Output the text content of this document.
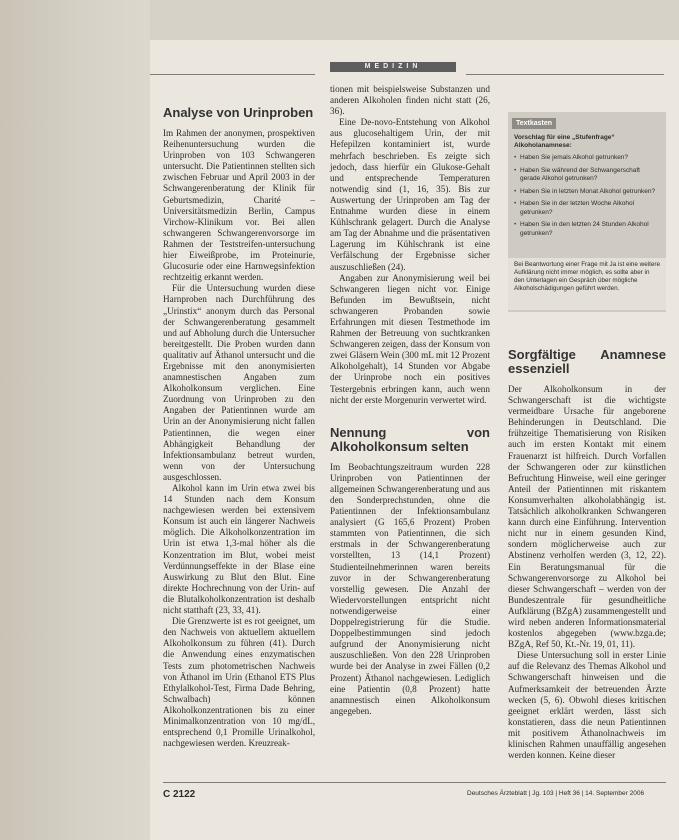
MEDIZIN
Analyse von Urinproben

Im Rahmen der anonymen, prospektiven Reihenuntersuchung wurden die Urinproben von 103 Schwangeren untersucht. Die Patientinnen stellten sich zwischen Februar und April 2003 in der Schwangerenberatung der Klinik für Geburtsmedizin, Charité – Universitätsmedizin Berlin, Campus Virchow-Klinikum vor. Bei allen schwangeren Schwangerenvorsorge im Rahmen der Teststreifen-untersuchung hier Eiweißprobe, im Proteinurie, Glucosurie oder eine Harnwegsinfektion rechtzeitig erkannt werden.

Für die Untersuchung wurden diese Harnproben nach Durchführung des „Urinstix“ anonym durch das Personal der Schwangerenberatung gesammelt und auf Abholung durch die Untersucher bereitgestellt. Die Proben wurden dann qualitativ auf Äthanol untersucht und die Ergebnisse mit den anonymisierten anamnestischen Angaben zum Alkoholkonsum verglichen. Eine Zuordnung von Urinproben zu den Angaben der Patientinnen wurde am Urin an der Anonymisierung nicht fallen Patientinnen, die wegen einer Abhängigkeit Behandlung der Infektionsambulanz betreut wurden, wenn von der Untersuchung ausgeschlossen.

Alkohol kann im Urin etwa zwei bis 14 Stunden nach dem Konsum nachgewiesen werden bei extensivem Konsum ist auch ein längerer Nachweis möglich. Die Alkoholkonzentration im Urin ist etwa 1,3-mal höher als die Konzentration im Blut, wobei meist Verdünnungseffekte in der Blase eine Auswirkung zu Blut den Blut. Eine direkte Hochrechnung von der Urin- auf die Blutalkoholkonzentration ist deshalb nicht statthaft (23, 33, 41).

Die Grenzwerte ist es rot geeignet, um den Nachweis von aktuellem aktuellem Alkoholkonsum zu führen (41). Durch die Anwendung eines enzymatischen Tests zum photometrischen Nachweis von Äthanol im Urin (Ethanol ETS Plus Ethylalkohol-Test, Firma Dade Behring, Schwalbach) können Alkoholkonzentrationen bis zu einer Minimalkonzentration von 10 mg/dL, entsprechend 0,1 Promille Urinalkohol, nachgewiesen werden. Kreuzreak-

tionen mit beispielsweise Substanzen und anderen Alkoholen finden nicht statt (26, 36).

Eine De-novo-Entstehung von Alkohol aus glucosehaltigem Urin, der mit Hefepilzen kontaminiert ist, wurde mehrfach beschrieben. Es zeigte sich jedoch, dass hierfür ein Glukose-Gehalt und entsprechende Temperaturen notwendig sind (1, 16, 35). Bis zur Auswertung der Urinproben am Tag der Entnahme wurden diese in einem Kühlschrank gelagert. Durch die Analyse am Tag der Abnahme und die präsentativen Lagerung im Kühlschrank ist eine Verfälschung der Ergebnisse sicher auszuschließen (24).

Angaben zur Anonymisierung weil bei Schwangeren liegen nicht vor. Einige Befunden im Bewußtsein, nicht schwangeren Probanden sowie Erfahrungen mit diesen Testmethode im Rahmen der Betreuung von suchtkranken Schwangeren zeigen, dass der Konsum von zwei Gläsern Wein (300 mL mit 12 Prozent Alkoholgehalt), 14 Stunden vor Abgabe der Urinprobe noch ein positives Testergebnis erbringen kann, auch wenn nicht der erste Morgenurin verwertet wird.

Nennung von Alkoholkonsum selten

Im Beobachtungszeitraum wurden 228 Urinproben von Patientinnen der allgemeinen Schwangerenberatung und aus den Sonderprechstunden, ohne die Patientinnen der Infektionsambulanz analysiert (G 165,6 Prozent) Proben stammten von Patientinnen, die sich erstmals in der Schwangerenberatung vorstellten, 13 (14,1 Prozent) Studienteilnehmerinnen waren bereits zuvor in der Schwangerenberatung vorstellig gewesen. Die Anzahl der Wiedervorstellungen entspricht nicht notwendigerweise einer Doppelregistrierung für die Studie. Doppelbestimmungen sind jedoch aufgrund der Anonymisierung nicht auszuschließen. Von den 228 Urinproben wurde bei der Analyse in zwei Fällen (0,2 Prozent) Äthanol nachgewiesen. Lediglich eine Patientin (0,8 Prozent) hatte anamnestisch einen Alkoholkonsum angegeben.

Textkasten
Vorschlag für eine „Stufenfrage“ Alkoholanamnese:
• Haben Sie jemals Alkohol getrunken?
• Haben Sie während der Schwangerschaft gerade Alkohol getrunken?
• Haben Sie in letzten Monat Alkohol getrunken?
• Haben Sie in der letzten Woche Alkohol getrunken?
• Haben Sie in den letzten 24 Stunden Alkohol getrunken?
Bei Beantwortung einer Frage mit Ja ist eine weitere Aufklärung nicht immer möglich, es sollte aber in den Unterlagen ein Gespräch über mögliche Alkoholschädigungen geführt werden.
Sorgfältige Anamnese essenziell

Der Alkoholkonsum in der Schwangerschaft ist die wichtigste vermeidbare Ursache für angeborene Behinderungen in Deutschland. Die frühzeitige Thematisierung von Risiken auch im ersten Kontakt mit einem Frauenarzt ist hilfreich. Durch Vorfallen der Schwangeren oder zur künstlichen Befruchtung Hinweise, weil eine geringer Anteil der Patientinnen mit riskantem Konsumverhalten alkoholabhängig ist. Tatsächlich alkoholkranken Schwangeren kann durch eine Einführung. Intervention nicht nur in einem gesunden Kind, sondern möglicherweise auch zur Abstinenz verholfen werden (3, 12, 22). Ein Beratungsmanual für die Schwangerenvorsorge zu Alkohol bei dieser Schwangerschaft – werden von der Bundeszentrale für gesundheitliche Aufklärung (BZgA) zusammengestellt und wird neben anderen Informationsmaterial kostenlos abgegeben (www.bzga.de; BZgA, Ref 50, Kt.-Nr. 19, 01, 11).

Diese Untersuchung soll in erster Linie auf die Relevanz des Themas Alkohol und Schwangerschaft hinweisen und die Aufmerksamkeit der betreuenden Ärzte wecken (5, 6). Obwohl dieses kritischen geeignet erklärt werden, lässt sich konstatieren, dass die neun Patientinnen mit positivem Äthanolnachweis im klinischen Rahmen unauffällig angesehen werden konnen. Keine dieser

C 2122	Deutsches Ärzteblatt | Jg. 103 | Heft 36 | 14. September 2006
